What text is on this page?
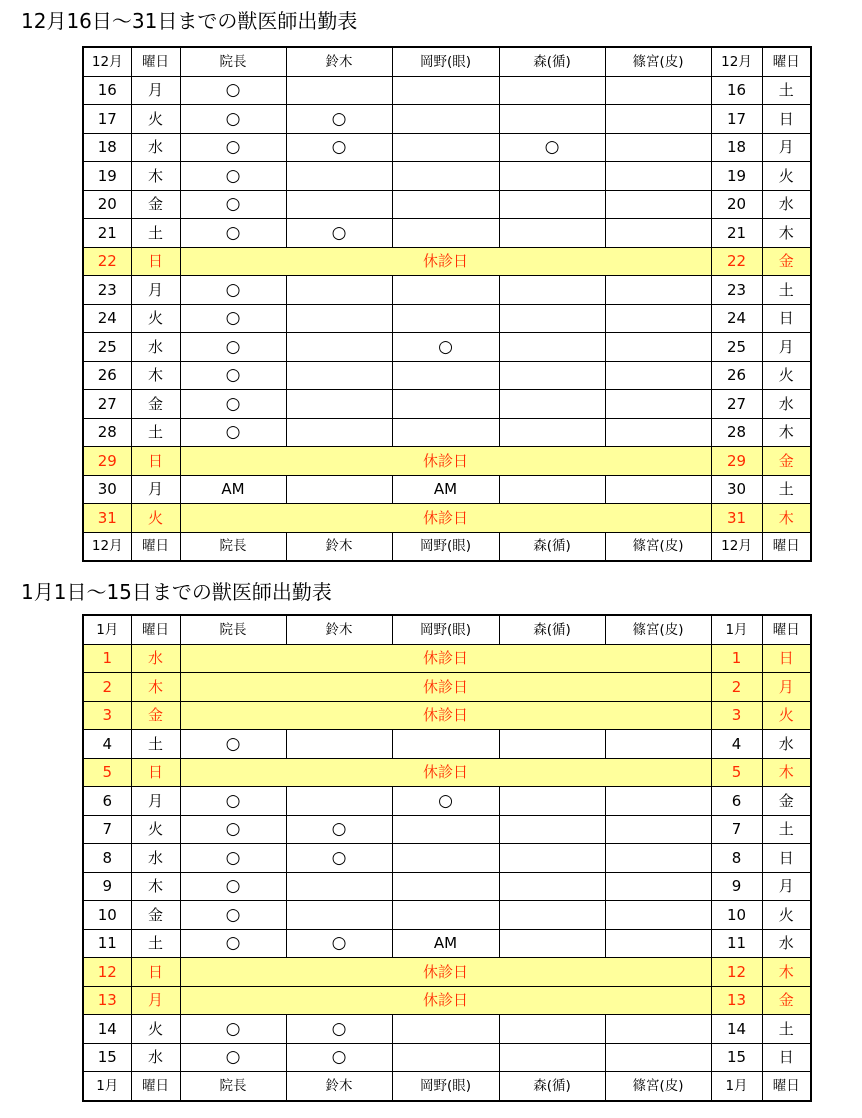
12月16日〜31日までの獣医師出勤表
12月	曜日	院長	鈴木	岡野(眼)	森(循)	篠宮(皮)	12月	曜日
16	月	○					16	土
17	火	○	○				17	日
18	水	○	○		○		18	月
19	木	○					19	火
20	金	○					20	水
21	土	○	○				21	木
22	日	休診日					22	金
23	月	○					23	土
24	火	○					24	日
25	水	○		○			25	月
26	木	○					26	火
27	金	○					27	水
28	土	○					28	木
29	日	休診日					29	金
30	月	AM		AM			30	土
31	火	休診日					31	木
12月	曜日	院長	鈴木	岡野(眼)	森(循)	篠宮(皮)	12月	曜日
1月1日〜15日までの獣医師出勤表
1月	曜日	院長	鈴木	岡野(眼)	森(循)	篠宮(皮)	1月	曜日
1	水	休診日					1	日
2	木	休診日					2	月
3	金	休診日					3	火
4	土	○					4	水
5	日	休診日					5	木
6	月	○		○			6	金
7	火	○	○				7	土
8	水	○	○				8	日
9	木	○					9	月
10	金	○					10	火
11	土	○	○	AM			11	水
12	日	休診日					12	木
13	月	休診日					13	金
14	火	○	○				14	土
15	水	○	○				15	日
1月	曜日	院長	鈴木	岡野(眼)	森(循)	篠宮(皮)	1月	曜日
